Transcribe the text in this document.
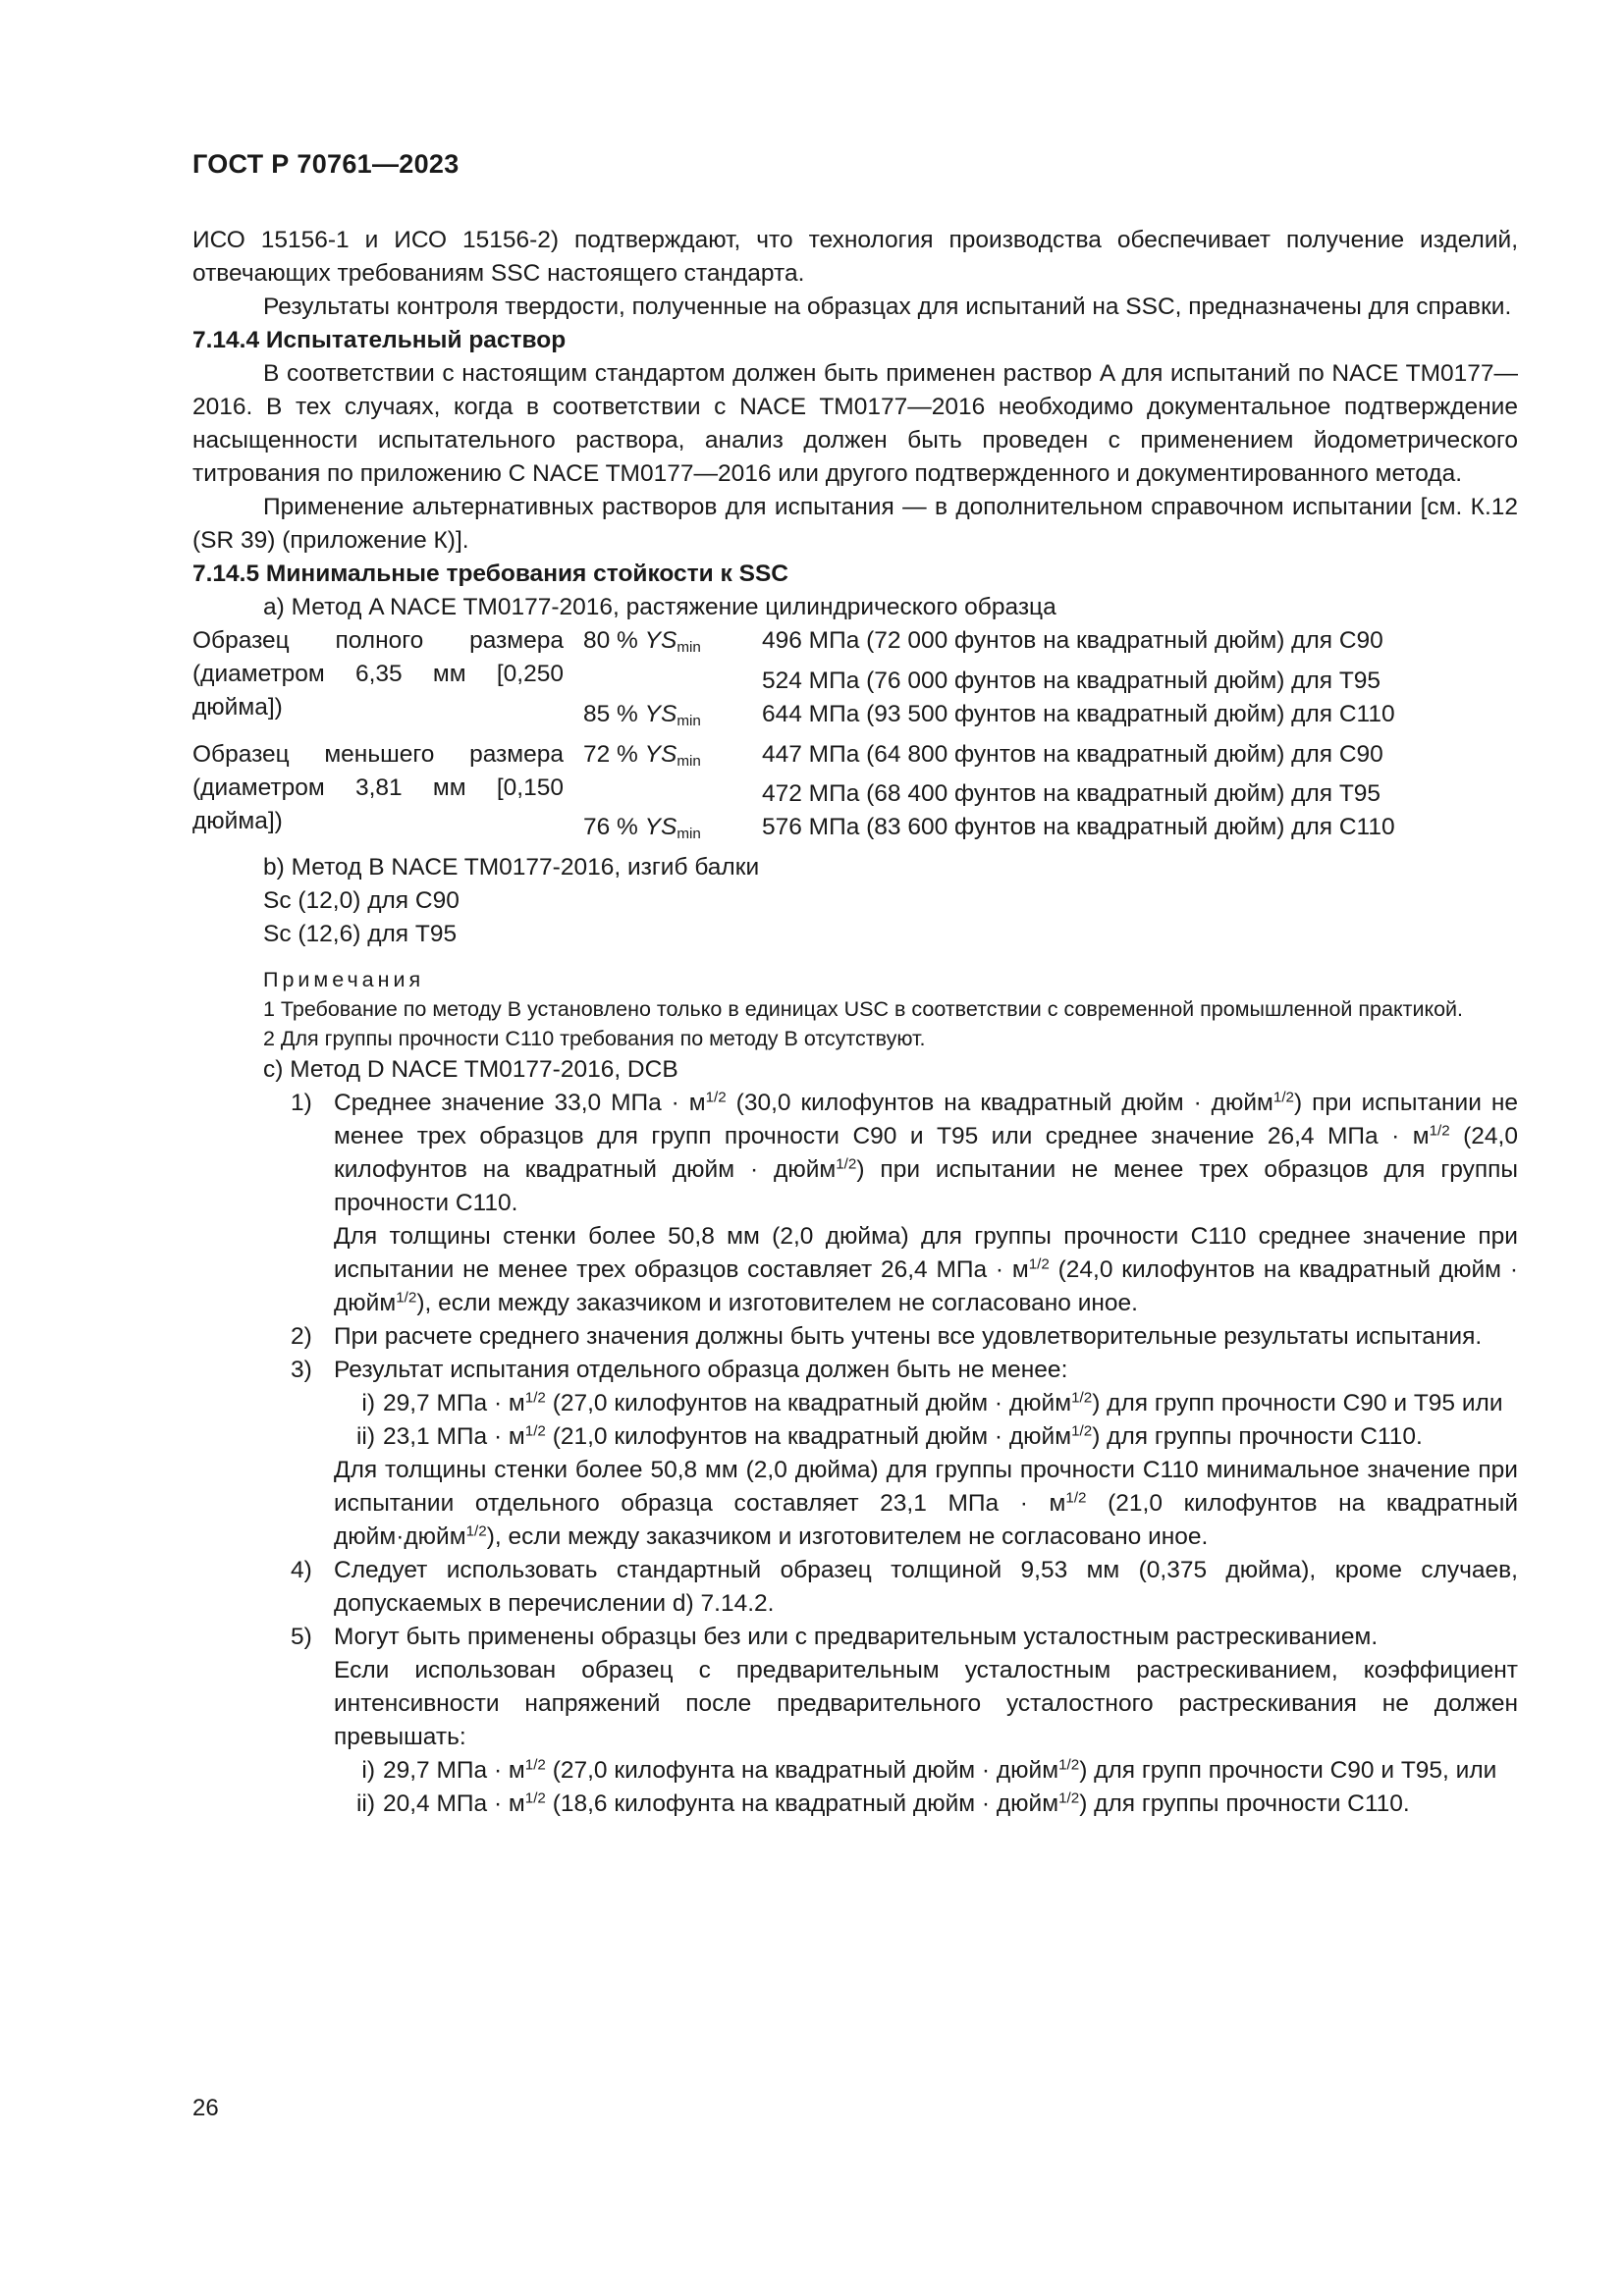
ГОСТ Р 70761—2023

ИСО 15156-1 и ИСО 15156-2) подтверждают, что технология производства обеспечивает получение изделий, отвечающих требованиям SSC настоящего стандарта.

Результаты контроля твердости, полученные на образцах для испытаний на SSC, предназначены для справки.

7.14.4 Испытательный раствор

В соответствии с настоящим стандартом должен быть применен раствор A для испытаний по NACE TM0177—2016. В тех случаях, когда в соответствии с NACE TM0177—2016 необходимо документальное подтверждение насыщенности испытательного раствора, анализ должен быть проведен с применением йодометрического титрования по приложению C NACE TM0177—2016 или другого подтвержденного и документированного метода.

Применение альтернативных растворов для испытания — в дополнительном справочном испытании [см. К.12 (SR 39) (приложение К)].

7.14.5 Минимальные требования стойкости к SSC

a) Метод A NACE TM0177-2016, растяжение цилиндрического образца

Образец полного размера (диаметром 6,35 мм [0,250 дюйма])
80 % $YS_{min}$	496 МПа (72 000 фунтов на квадратный дюйм) для C90
524 МПа (76 000 фунтов на квадратный дюйм) для T95
85 % $YS_{min}$	644 МПа (93 500 фунтов на квадратный дюйм) для C110
Образец меньшего размера (диаметром 3,81 мм [0,150 дюйма])
72 % $YS_{min}$	447 МПа (64 800 фунтов на квадратный дюйм) для C90
472 МПа (68 400 фунтов на квадратный дюйм) для T95
76 % $YS_{min}$	576 МПа (83 600 фунтов на квадратный дюйм) для C110

b) Метод B NACE TM0177-2016, изгиб балки

Sc (12,0) для C90

Sc (12,6) для T95

Примечания

1 Требование по методу B установлено только в единицах USC в соответствии с современной промышленной практикой.

2 Для группы прочности C110 требования по методу B отсутствуют.

c) Метод D NACE TM0177-2016, DCB

1) Среднее значение 33,0 МПа · $м^{1/2}$ (30,0 килофунтов на квадратный дюйм · дюйм$^{1/2}$) при испытании не менее трех образцов для групп прочности C90 и T95 или среднее значение 26,4 МПа · $м^{1/2}$ (24,0 килофунтов на квадратный дюйм · дюйм$^{1/2}$) при испытании не менее трех образцов для группы прочности C110.

Для толщины стенки более 50,8 мм (2,0 дюйма) для группы прочности C110 среднее значение при испытании не менее трех образцов составляет 26,4 МПа · $м^{1/2}$ (24,0 килофунтов на квадратный дюйм · дюйм$^{1/2}$), если между заказчиком и изготовителем не согласовано иное.

2) При расчете среднего значения должны быть учтены все удовлетворительные результаты испытания.

3) Результат испытания отдельного образца должен быть не менее:

i) 29,7 МПа · $м^{1/2}$ (27,0 килофунтов на квадратный дюйм · дюйм$^{1/2}$) для групп прочности C90 и T95 или

ii) 23,1 МПа · $м^{1/2}$ (21,0 килофунтов на квадратный дюйм · дюйм$^{1/2}$) для группы прочности C110.

Для толщины стенки более 50,8 мм (2,0 дюйма) для группы прочности C110 минимальное значение при испытании отдельного образца составляет 23,1 МПа · $м^{1/2}$ (21,0 килофунтов на квадратный дюйм·дюйм$^{1/2}$), если между заказчиком и изготовителем не согласовано иное.

4) Следует использовать стандартный образец толщиной 9,53 мм (0,375 дюйма), кроме случаев, допускаемых в перечислении d) 7.14.2.

5) Могут быть применены образцы без или с предварительным усталостным растрескиванием.

Если использован образец с предварительным усталостным растрескиванием, коэффициент интенсивности напряжений после предварительного усталостного растрескивания не должен превышать:

i) 29,7 МПа · $м^{1/2}$ (27,0 килофунта на квадратный дюйм · дюйм$^{1/2}$) для групп прочности C90 и T95, или

ii) 20,4 МПа · $м^{1/2}$ (18,6 килофунта на квадратный дюйм · дюйм$^{1/2}$) для группы прочности C110.

26
